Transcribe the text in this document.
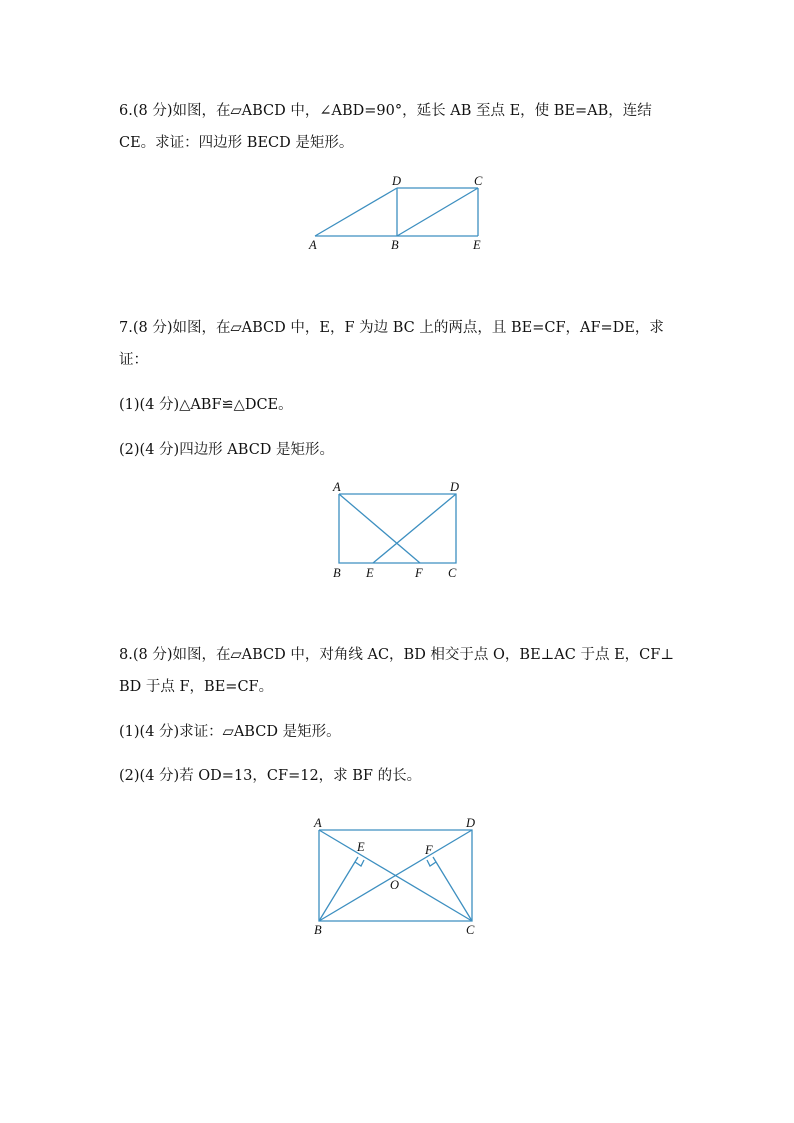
6.(8 分)如图，在▱ABCD 中，∠ABD=90°，延长 AB 至点 E，使 BE=AB，连结
CE。求证：四边形 BECD 是矩形。
D	C
A	B	E
7.(8 分)如图，在▱ABCD 中，E，F 为边 BC 上的两点，且 BE=CF，AF=DE，求
证：
(1)(4 分)△ABF≌△DCE。
(2)(4 分)四边形 ABCD 是矩形。
A	D
B E	F C
8.(8 分)如图，在▱ABCD 中，对角线 AC，BD 相交于点 O，BE⊥AC 于点 E，CF⊥
BD 于点 F，BE=CF。
(1)(4 分)求证：▱ABCD 是矩形。
(2)(4 分)若 OD=13，CF=12，求 BF 的长。
A	D
E	F
O
B	C
